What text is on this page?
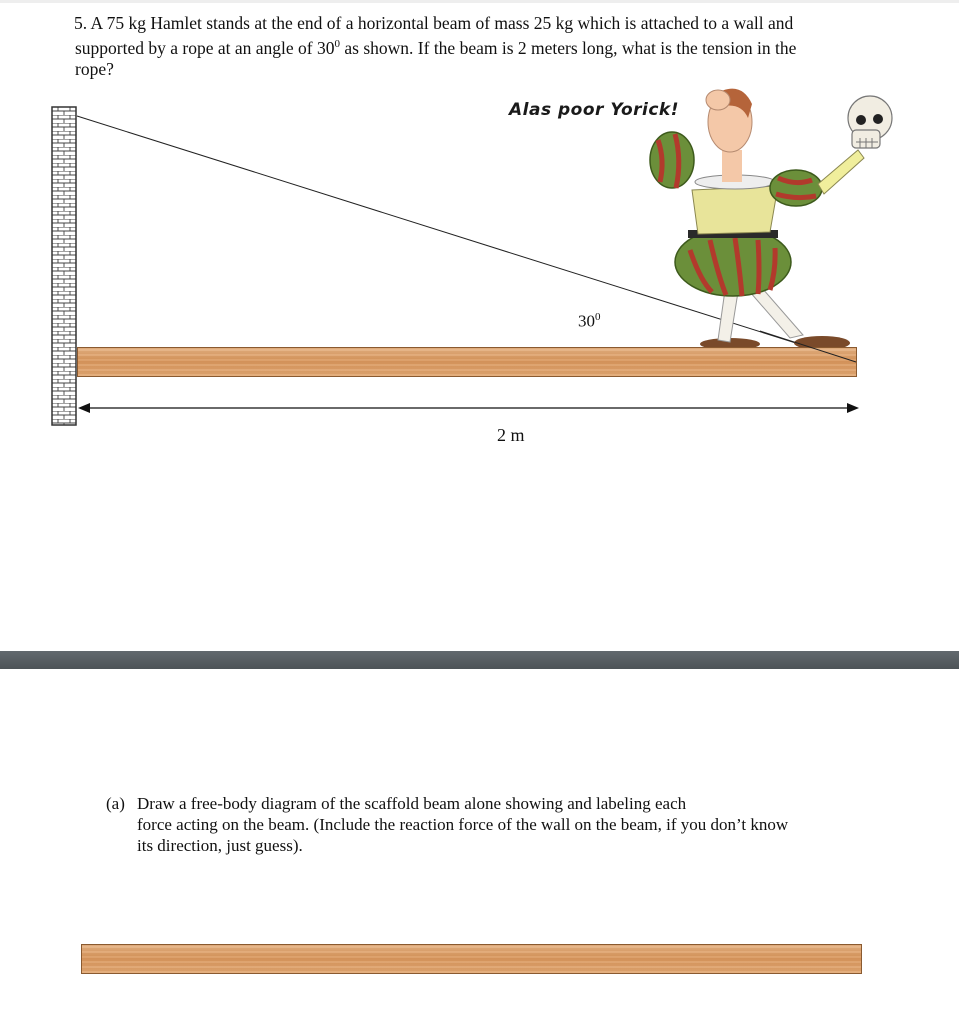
5. A 75 kg Hamlet stands at the end of a horizontal beam of mass 25 kg which is attached to a wall and
supported by a rope at an angle of $30^0$ as shown. If the beam is 2 meters long, what is the tension in the
rope?
Alas poor Yorick!
$30^0$
2 m
(a) Draw a free-body diagram of the scaffold beam alone showing and labeling each
force acting on the beam. (Include the reaction force of the wall on the beam, if you don’t know
its direction, just guess).
